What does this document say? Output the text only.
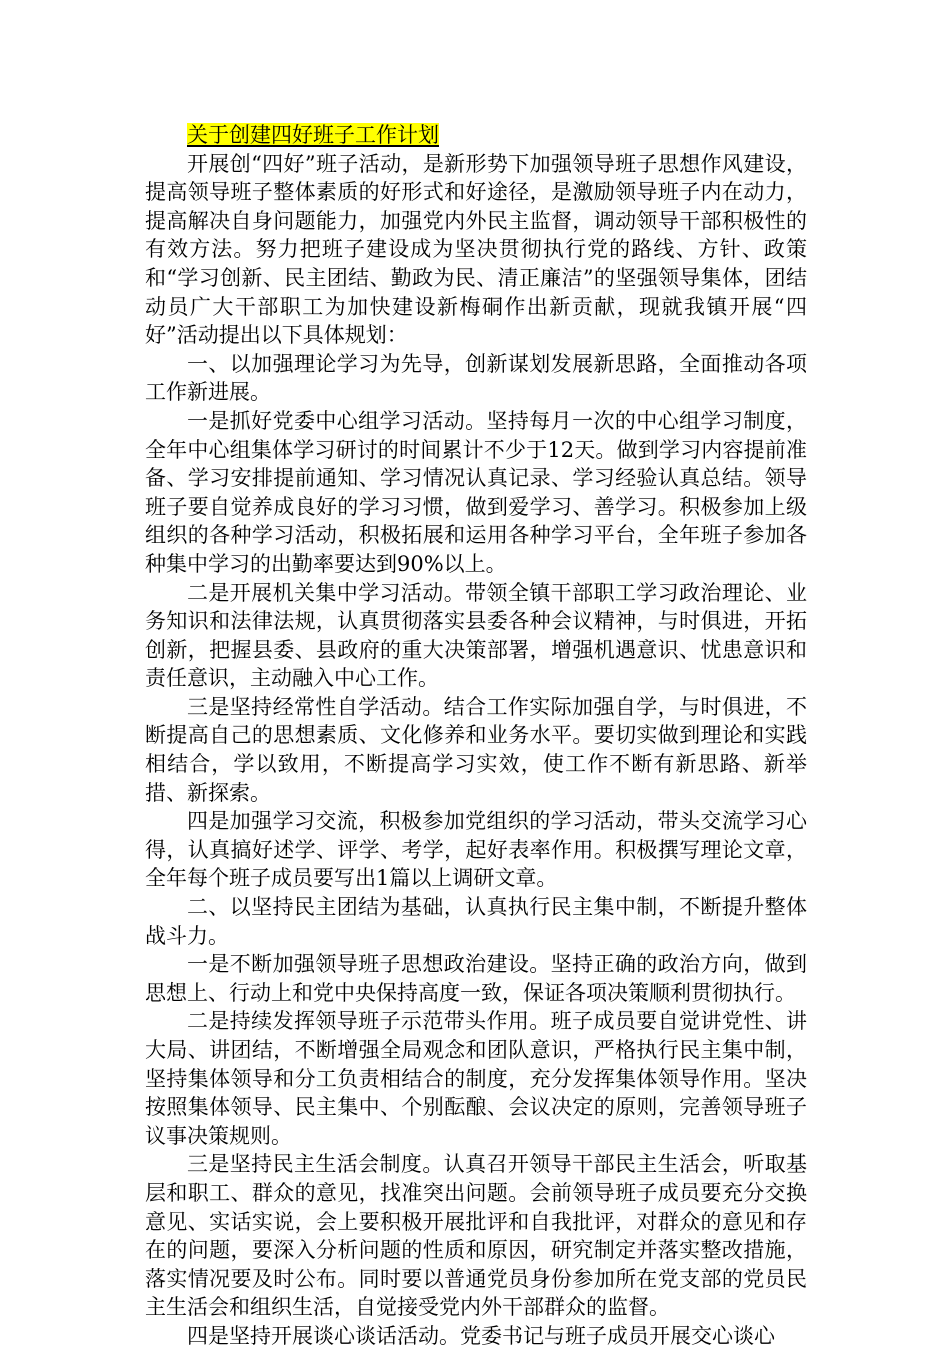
关于创建四好班子工作计划

开展创“四好”班子活动，是新形势下加强领导班子思想作风建设，提高领导班子整体素质的好形式和好途径，是激励领导班子内在动力，提高解决自身问题能力，加强党内外民主监督，调动领导干部积极性的有效方法。努力把班子建设成为坚决贯彻执行党的路线、方针、政策和“学习创新、民主团结、勤政为民、清正廉洁”的坚强领导集体，团结动员广大干部职工为加快建设新梅硐作出新贡献，现就我镇开展“四好”活动提出以下具体规划：

一、以加强理论学习为先导，创新谋划发展新思路，全面推动各项工作新进展。

一是抓好党委中心组学习活动。坚持每月一次的中心组学习制度，全年中心组集体学习研讨的时间累计不少于12天。做到学习内容提前准备、学习安排提前通知、学习情况认真记录、学习经验认真总结。领导班子要自觉养成良好的学习习惯，做到爱学习、善学习。积极参加上级组织的各种学习活动，积极拓展和运用各种学习平台，全年班子参加各种集中学习的出勤率要达到90%以上。

二是开展机关集中学习活动。带领全镇干部职工学习政治理论、业务知识和法律法规，认真贯彻落实县委各种会议精神，与时俱进，开拓创新，把握县委、县政府的重大决策部署，增强机遇意识、忧患意识和责任意识，主动融入中心工作。

三是坚持经常性自学活动。结合工作实际加强自学，与时俱进，不断提高自己的思想素质、文化修养和业务水平。要切实做到理论和实践相结合，学以致用，不断提高学习实效，使工作不断有新思路、新举措、新探索。

四是加强学习交流，积极参加党组织的学习活动，带头交流学习心得，认真搞好述学、评学、考学，起好表率作用。积极撰写理论文章，全年每个班子成员要写出1篇以上调研文章。

二、以坚持民主团结为基础，认真执行民主集中制，不断提升整体战斗力。

一是不断加强领导班子思想政治建设。坚持正确的政治方向，做到思想上、行动上和党中央保持高度一致，保证各项决策顺利贯彻执行。

二是持续发挥领导班子示范带头作用。班子成员要自觉讲党性、讲大局、讲团结，不断增强全局观念和团队意识，严格执行民主集中制，坚持集体领导和分工负责相结合的制度，充分发挥集体领导作用。坚决按照集体领导、民主集中、个别酝酿、会议决定的原则，完善领导班子议事决策规则。

三是坚持民主生活会制度。认真召开领导干部民主生活会，听取基层和职工、群众的意见，找准突出问题。会前领导班子成员要充分交换意见、实话实说，会上要积极开展批评和自我批评，对群众的意见和存在的问题，要深入分析问题的性质和原因，研究制定并落实整改措施，落实情况要及时公布。同时要以普通党员身份参加所在党支部的党员民主生活会和组织生活，自觉接受党内外干部群众的监督。

四是坚持开展谈心谈话活动。党委书记与班子成员开展交心谈心
